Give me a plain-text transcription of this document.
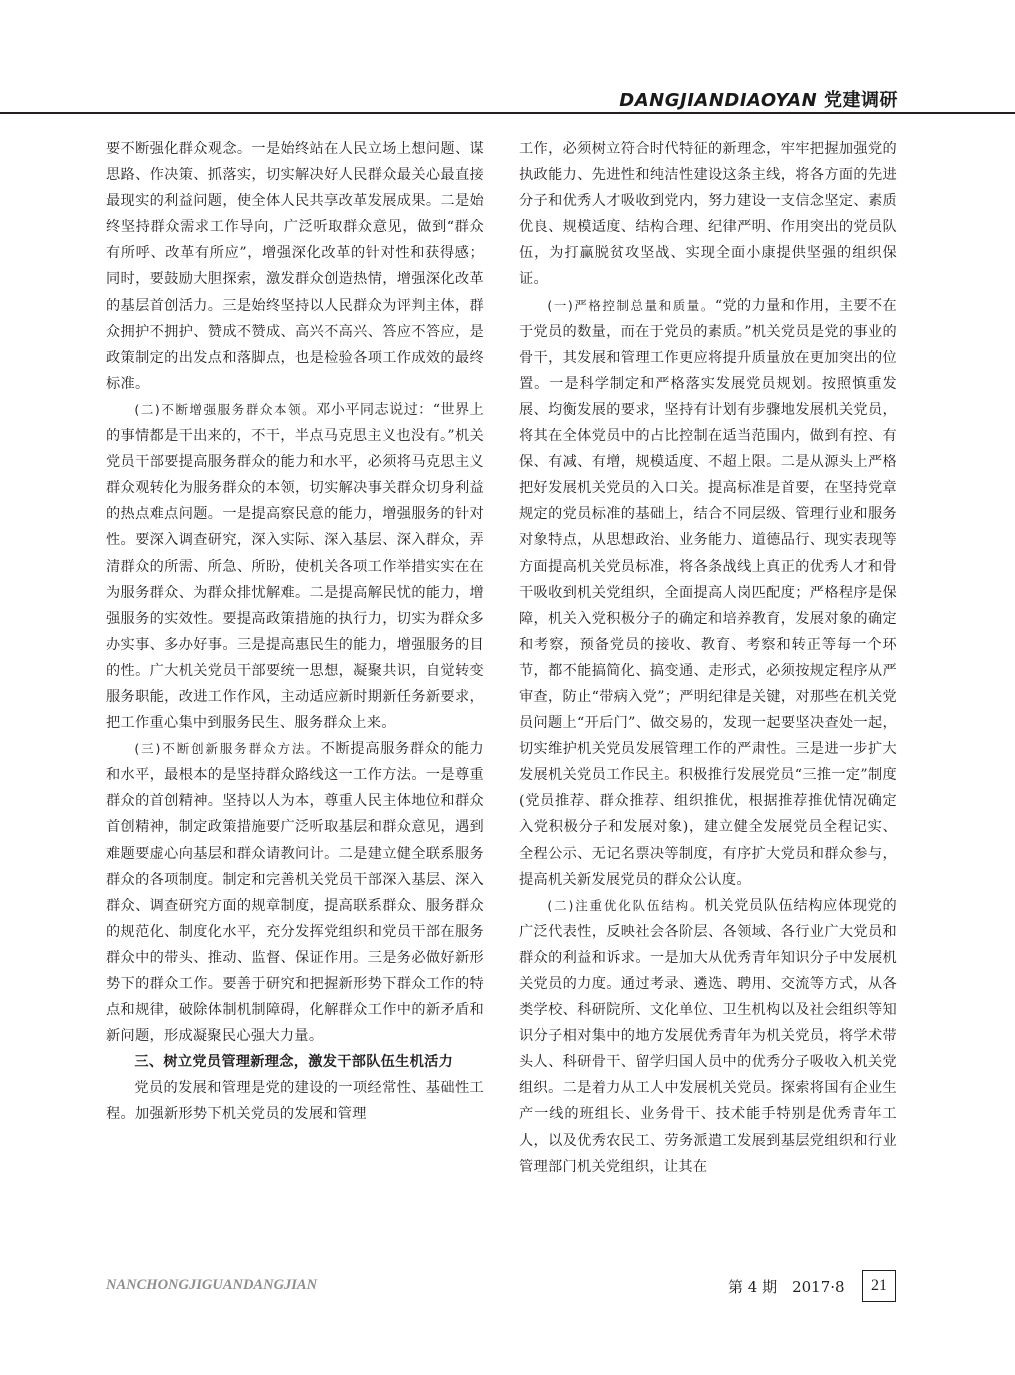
DANGJIANDIAOYAN 党建调研

要不断强化群众观念。一是始终站在人民立场上想问题、谋思路、作决策、抓落实，切实解决好人民群众最关心最直接最现实的利益问题，使全体人民共享改革发展成果。二是始终坚持群众需求工作导向，广泛听取群众意见，做到“群众有所呼、改革有所应”，增强深化改革的针对性和获得感；同时，要鼓励大胆探索，激发群众创造热情，增强深化改革的基层首创活力。三是始终坚持以人民群众为评判主体，群众拥护不拥护、赞成不赞成、高兴不高兴、答应不答应，是政策制定的出发点和落脚点，也是检验各项工作成效的最终标准。

(二)不断增强服务群众本领。邓小平同志说过：“世界上的事情都是干出来的，不干，半点马克思主义也没有。”机关党员干部要提高服务群众的能力和水平，必须将马克思主义群众观转化为服务群众的本领，切实解决事关群众切身利益的热点难点问题。一是提高察民意的能力，增强服务的针对性。要深入调查研究，深入实际、深入基层、深入群众，弄清群众的所需、所急、所盼，使机关各项工作举措实实在在为服务群众、为群众排忧解难。二是提高解民忧的能力，增强服务的实效性。要提高政策措施的执行力，切实为群众多办实事、多办好事。三是提高惠民生的能力，增强服务的目的性。广大机关党员干部要统一思想，凝聚共识，自觉转变服务职能，改进工作作风，主动适应新时期新任务新要求，把工作重心集中到服务民生、服务群众上来。

(三)不断创新服务群众方法。不断提高服务群众的能力和水平，最根本的是坚持群众路线这一工作方法。一是尊重群众的首创精神。坚持以人为本，尊重人民主体地位和群众首创精神，制定政策措施要广泛听取基层和群众意见，遇到难题要虚心向基层和群众请教问计。二是建立健全联系服务群众的各项制度。制定和完善机关党员干部深入基层、深入群众、调查研究方面的规章制度，提高联系群众、服务群众的规范化、制度化水平，充分发挥党组织和党员干部在服务群众中的带头、推动、监督、保证作用。三是务必做好新形势下的群众工作。要善于研究和把握新形势下群众工作的特点和规律，破除体制机制障碍，化解群众工作中的新矛盾和新问题，形成凝聚民心强大力量。

三、树立党员管理新理念，激发干部队伍生机活力

党员的发展和管理是党的建设的一项经常性、基础性工程。加强新形势下机关党员的发展和管理

工作，必须树立符合时代特征的新理念，牢牢把握加强党的执政能力、先进性和纯洁性建设这条主线，将各方面的先进分子和优秀人才吸收到党内，努力建设一支信念坚定、素质优良、规模适度、结构合理、纪律严明、作用突出的党员队伍，为打赢脱贫攻坚战、实现全面小康提供坚强的组织保证。

(一)严格控制总量和质量。“党的力量和作用，主要不在于党员的数量，而在于党员的素质。”机关党员是党的事业的骨干，其发展和管理工作更应将提升质量放在更加突出的位置。一是科学制定和严格落实发展党员规划。按照慎重发展、均衡发展的要求，坚持有计划有步骤地发展机关党员，将其在全体党员中的占比控制在适当范围内，做到有控、有保、有减、有增，规模适度、不超上限。二是从源头上严格把好发展机关党员的入口关。提高标准是首要，在坚持党章规定的党员标准的基础上，结合不同层级、管理行业和服务对象特点，从思想政治、业务能力、道德品行、现实表现等方面提高机关党员标准，将各条战线上真正的优秀人才和骨干吸收到机关党组织，全面提高人岗匹配度；严格程序是保障，机关入党积极分子的确定和培养教育，发展对象的确定和考察，预备党员的接收、教育、考察和转正等每一个环节，都不能搞简化、搞变通、走形式，必须按规定程序从严审查，防止“带病入党”；严明纪律是关键，对那些在机关党员问题上“开后门”、做交易的，发现一起要坚决查处一起，切实维护机关党员发展管理工作的严肃性。三是进一步扩大发展机关党员工作民主。积极推行发展党员“三推一定”制度(党员推荐、群众推荐、组织推优，根据推荐推优情况确定入党积极分子和发展对象)，建立健全发展党员全程记实、全程公示、无记名票决等制度，有序扩大党员和群众参与，提高机关新发展党员的群众公认度。

(二)注重优化队伍结构。机关党员队伍结构应体现党的广泛代表性，反映社会各阶层、各领域、各行业广大党员和群众的利益和诉求。一是加大从优秀青年知识分子中发展机关党员的力度。通过考录、遴选、聘用、交流等方式，从各类学校、科研院所、文化单位、卫生机构以及社会组织等知识分子相对集中的地方发展优秀青年为机关党员，将学术带头人、科研骨干、留学归国人员中的优秀分子吸收入机关党组织。二是着力从工人中发展机关党员。探索将国有企业生产一线的班组长、业务骨干、技术能手特别是优秀青年工人，以及优秀农民工、劳务派遣工发展到基层党组织和行业管理部门机关党组织，让其在

NANCHONGJIGUANDANGJIAN	第 4 期　2017·8	21
